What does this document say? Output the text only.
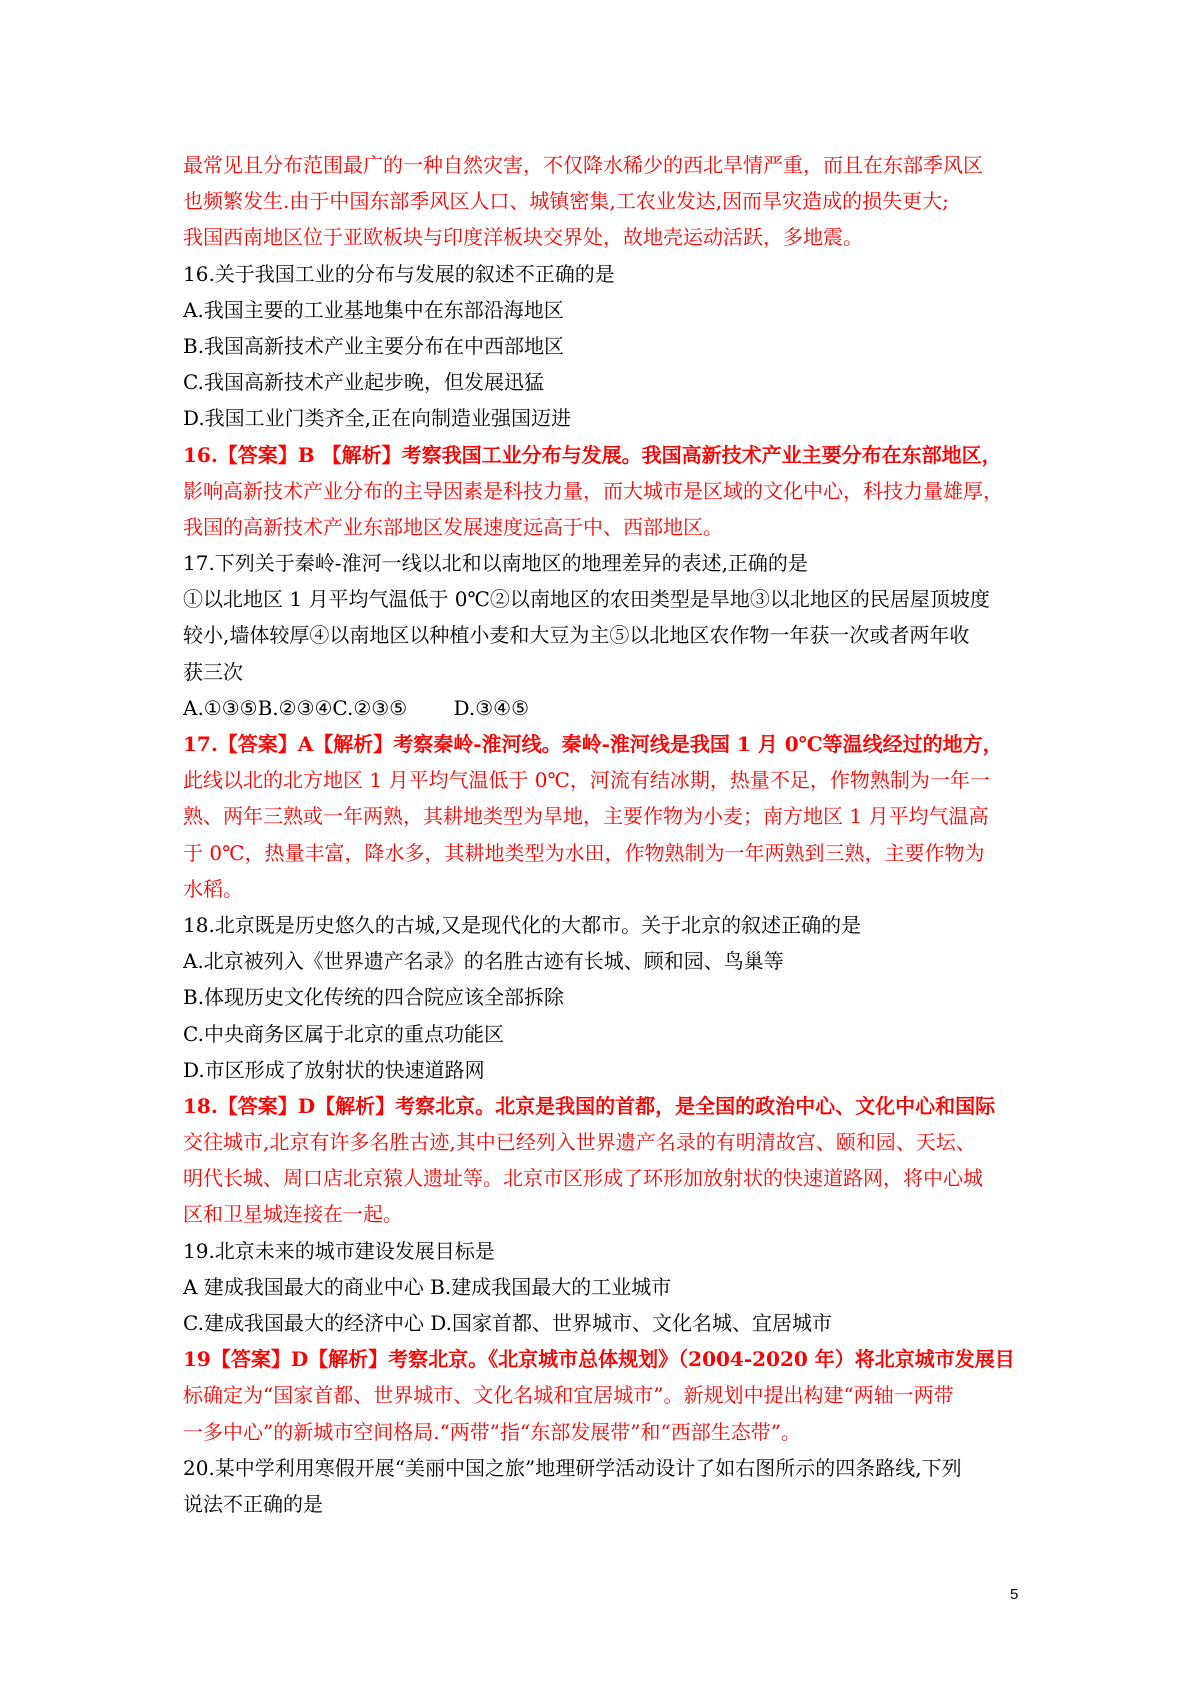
最常见且分布范围最广的一种自然灾害，不仅降水稀少的西北旱情严重，而且在东部季风区
也频繁发生.由于中国东部季风区人口、城镇密集,工农业发达,因而旱灾造成的损失更大;
我国西南地区位于亚欧板块与印度洋板块交界处，故地壳运动活跃，多地震。
16.关于我国工业的分布与发展的叙述不正确的是
A.我国主要的工业基地集中在东部沿海地区
B.我国高新技术产业主要分布在中西部地区
C.我国高新技术产业起步晚，但发展迅猛
D.我国工业门类齐全,正在向制造业强国迈进
16.【答案】B 【解析】考察我国工业分布与发展。我国高新技术产业主要分布在东部地区，
影响高新技术产业分布的主导因素是科技力量，而大城市是区域的文化中心，科技力量雄厚，
我国的高新技术产业东部地区发展速度远高于中、西部地区。
17.下列关于秦岭-淮河一线以北和以南地区的地理差异的表述,正确的是
①以北地区 1 月平均气温低于 0℃②以南地区的农田类型是旱地③以北地区的民居屋顶坡度
较小,墙体较厚④以南地区以种植小麦和大豆为主⑤以北地区农作物一年获一次或者两年收
获三次
A.①③⑤B.②③④C.②③⑤　　 D.③④⑤
17.【答案】A【解析】考察秦岭-淮河线。秦岭-淮河线是我国 1 月 0℃等温线经过的地方，
此线以北的北方地区 1 月平均气温低于 0℃，河流有结冰期，热量不足，作物熟制为一年一
熟、两年三熟或一年两熟，其耕地类型为旱地，主要作物为小麦；南方地区 1 月平均气温高
于 0℃，热量丰富，降水多，其耕地类型为水田，作物熟制为一年两熟到三熟，主要作物为
水稻。
18.北京既是历史悠久的古城,又是现代化的大都市。关于北京的叙述正确的是
A.北京被列入《世界遗产名录》的名胜古迹有长城、顾和园、鸟巢等
B.体现历史文化传统的四合院应该全部拆除
C.中央商务区属于北京的重点功能区
D.市区形成了放射状的快速道路网
18.【答案】D【解析】考察北京。北京是我国的首都，是全国的政治中心、文化中心和国际
交往城市,北京有许多名胜古迹,其中已经列入世界遗产名录的有明清故宫、颐和园、天坛、
明代长城、周口店北京猿人遗址等。北京市区形成了环形加放射状的快速道路网，将中心城
区和卫星城连接在一起。
19.北京未来的城市建设发展目标是
A 建成我国最大的商业中心 B.建成我国最大的工业城市
C.建成我国最大的经济中心 D.国家首都、世界城市、文化名城、宜居城市
19【答案】D【解析】考察北京。《北京城市总体规划》（2004-2020 年）将北京城市发展目
标确定为“国家首都、世界城市、文化名城和宜居城市”。新规划中提出构建“两轴一两带
一多中心”的新城市空间格局.“两带”指“东部发展带”和“西部生态带”。
20.某中学利用寒假开展“美丽中国之旅”地理研学活动设计了如右图所示的四条路线,下列
说法不正确的是
5
